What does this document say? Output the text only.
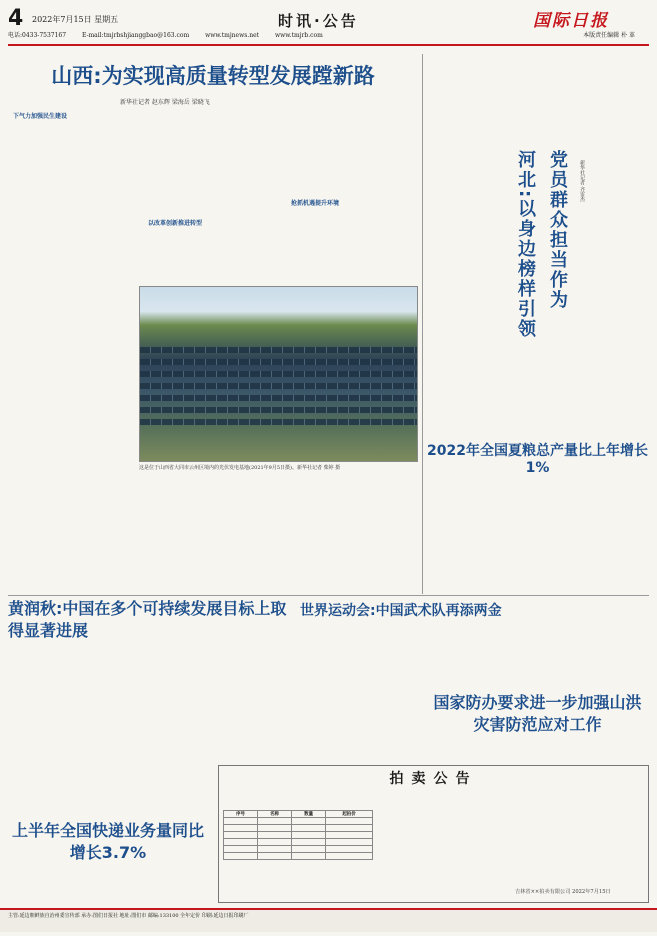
4 2022年7月15日 星期五	时讯·公告	国际日报
电话:0433-7537167	E-mail:tmjrbshjianggbao@163.com	www.tmjnews.net	www.tmjrb.com	本版责任编辑 朴 革
山西:为实现高质量转型发展蹚新路
新华社记者 赵东辉 梁海岳 梁晓飞
下气力加强民生建设
以改革创新推进转型
抢抓机遇提升环境
这是位于山西省大同市云州区境内的光伏发电基地(2021年9月5日摄)。新华社记者 柴婷 摄
党员群众担当作为
河北:以身边榜样引领	新华社记者 齐雷杰
2022年全国夏粮总产量比上年增长1%
黄润秋:中国在多个可持续发展目标上取得显著进展
世界运动会:中国武术队再添两金
国家防办要求进一步加强山洪灾害防范应对工作
上半年全国快递业务量同比增长3.7%
拍卖公告
序号	名称	数量	起拍价

吉林省××拍卖有限公司 2022年7月15日
主管:延边朝鲜族自治州委宣传部 承办:图们日报社 地址:图们市 邮编:133100 全年定价 印刷:延边日报印刷厂
